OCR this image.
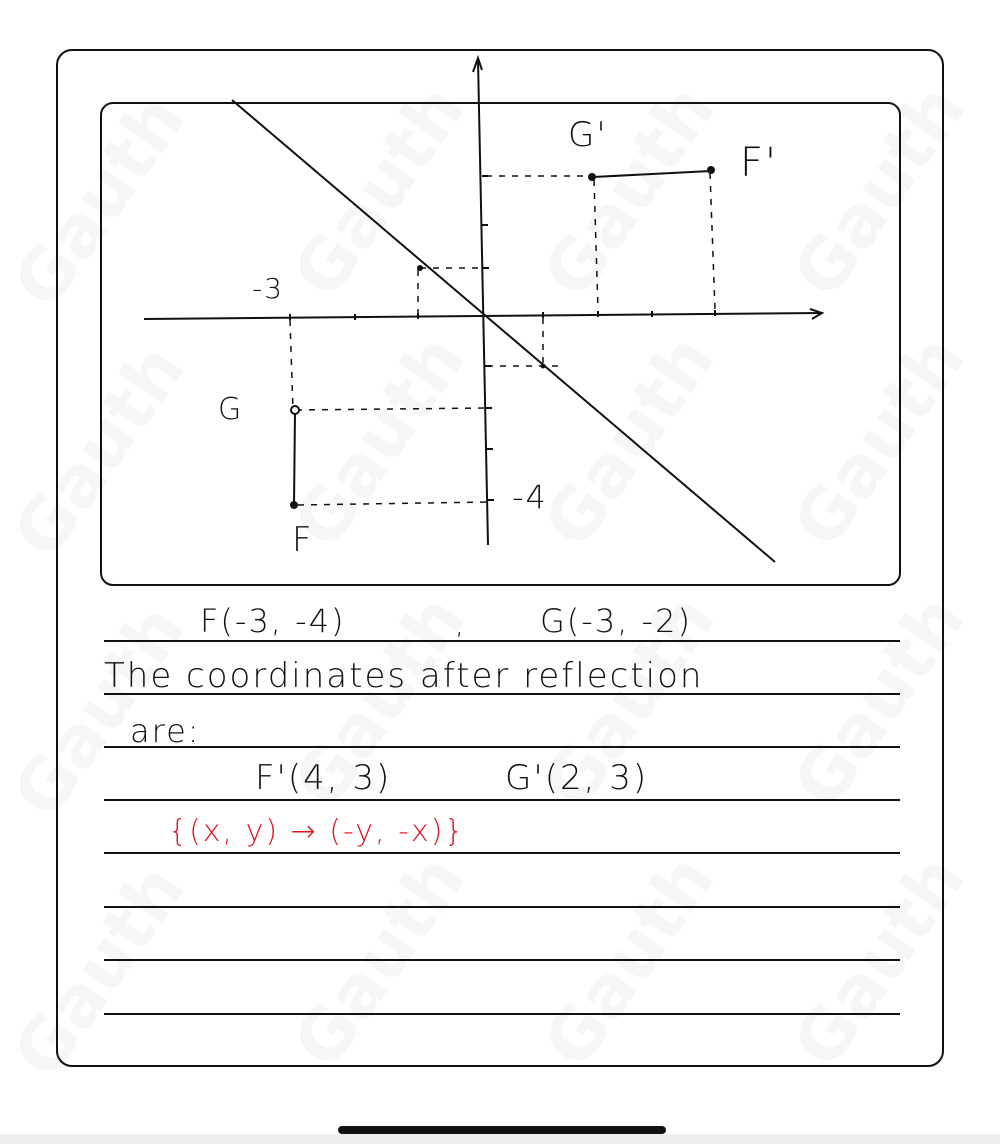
-3
-4
G
F
G'
F'
F(-3, -4)	, G(-3, -2)
The coordinates after reflection
are:
F'(4, 3)	G'(2, 3)
{(x, y) → (-y, -x)}
